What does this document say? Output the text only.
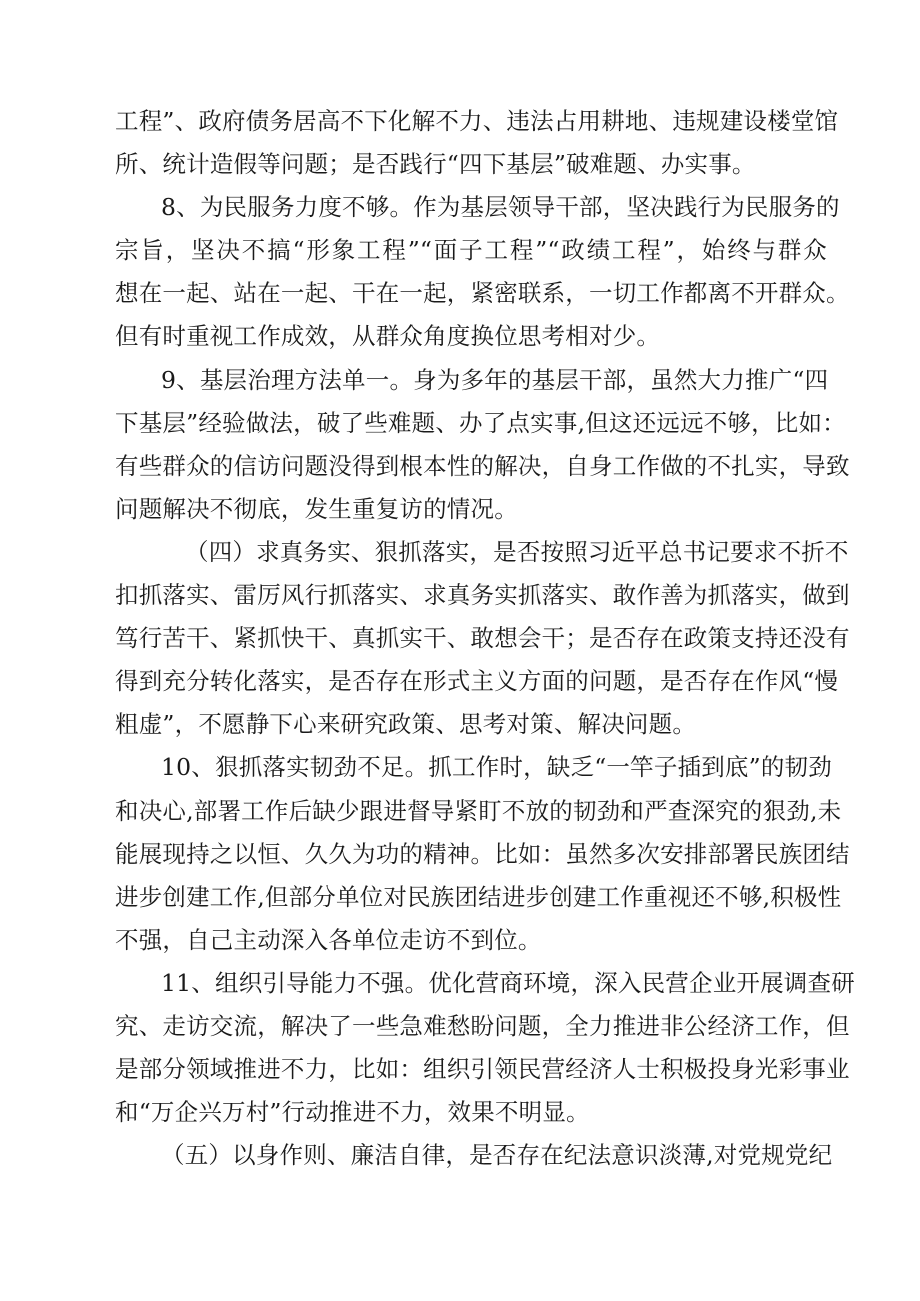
工程”、政府债务居高不下化解不力、违法占用耕地、违规建设楼堂馆
所、统计造假等问题；是否践行“四下基层”破难题、办实事。
8、为民服务力度不够。作为基层领导干部，坚决践行为民服务的
宗旨，坚决不搞“形象工程”“面子工程”“政绩工程”，始终与群众
想在一起、站在一起、干在一起，紧密联系，一切工作都离不开群众。
但有时重视工作成效，从群众角度换位思考相对少。
9、基层治理方法单一。身为多年的基层干部，虽然大力推广“四
下基层”经验做法，破了些难题、办了点实事,但这还远远不够，比如：
有些群众的信访问题没得到根本性的解决，自身工作做的不扎实，导致
问题解决不彻底，发生重复访的情况。
（四）求真务实、狠抓落实，是否按照习近平总书记要求不折不
扣抓落实、雷厉风行抓落实、求真务实抓落实、敢作善为抓落实，做到
笃行苦干、紧抓快干、真抓实干、敢想会干；是否存在政策支持还没有
得到充分转化落实，是否存在形式主义方面的问题，是否存在作风“慢
粗虚”，不愿静下心来研究政策、思考对策、解决问题。
10、狠抓落实韧劲不足。抓工作时，缺乏“一竿子插到底”的韧劲
和决心,部署工作后缺少跟进督导紧盯不放的韧劲和严查深究的狠劲,未
能展现持之以恒、久久为功的精神。比如：虽然多次安排部署民族团结
进步创建工作,但部分单位对民族团结进步创建工作重视还不够,积极性
不强，自己主动深入各单位走访不到位。
11、组织引导能力不强。优化营商环境，深入民营企业开展调查研
究、走访交流，解决了一些急难愁盼问题，全力推进非公经济工作，但
是部分领域推进不力，比如：组织引领民营经济人士积极投身光彩事业
和“万企兴万村”行动推进不力，效果不明显。
（五）以身作则、廉洁自律，是否存在纪法意识淡薄,对党规党纪
